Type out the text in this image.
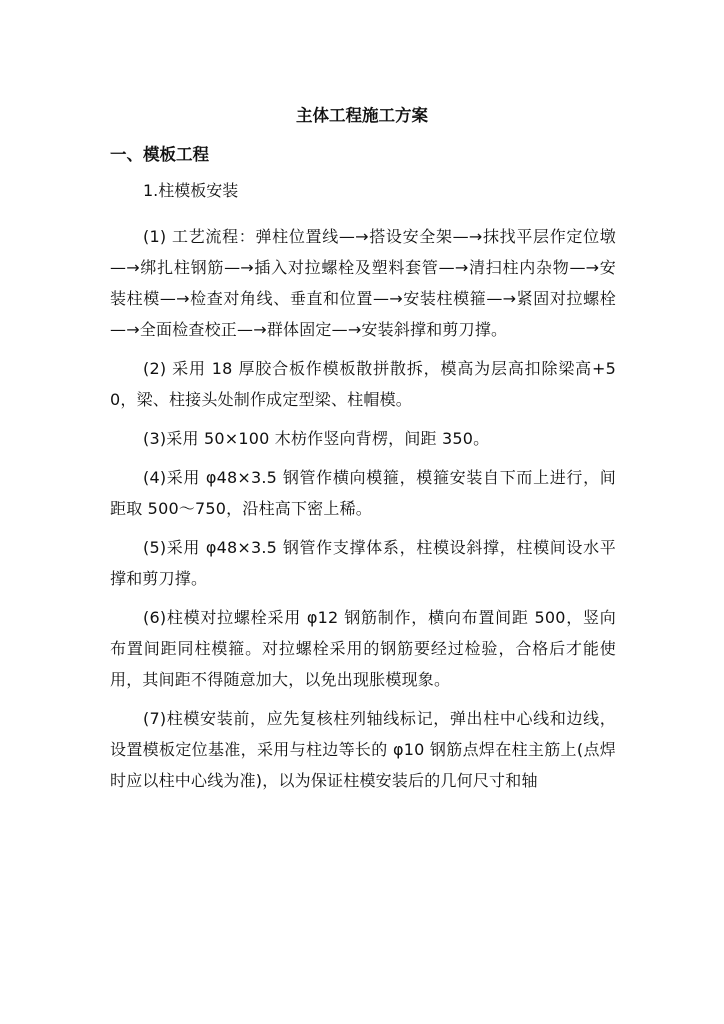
主体工程施工方案
一、模板工程
1.柱模板安装

(1) 工艺流程：弹柱位置线—→搭设安全架—→抹找平层作定位墩—→绑扎柱钢筋—→插入对拉螺栓及塑料套管—→清扫柱内杂物—→安装柱模—→检查对角线、垂直和位置—→安装柱模箍—→紧固对拉螺栓—→全面检查校正—→群体固定—→安装斜撑和剪刀撑。

(2) 采用 18 厚胶合板作模板散拼散拆，模高为层高扣除梁高+50，梁、柱接头处制作成定型梁、柱帽模。

(3)采用 50×100 木枋作竖向背楞，间距 350。

(4)采用 φ48×3.5 钢管作横向模箍，模箍安装自下而上进行，间距取 500～750，沿柱高下密上稀。

(5)采用 φ48×3.5 钢管作支撑体系，柱模设斜撑，柱模间设水平撑和剪刀撑。

(6)柱模对拉螺栓采用 φ12 钢筋制作，横向布置间距 500，竖向布置间距同柱模箍。对拉螺栓采用的钢筋要经过检验，合格后才能使用，其间距不得随意加大，以免出现胀模现象。

(7)柱模安装前，应先复核柱列轴线标记，弹出柱中心线和边线，设置模板定位基准，采用与柱边等长的 φ10 钢筋点焊在柱主筋上(点焊时应以柱中心线为准)，以为保证柱模安装后的几何尺寸和轴
